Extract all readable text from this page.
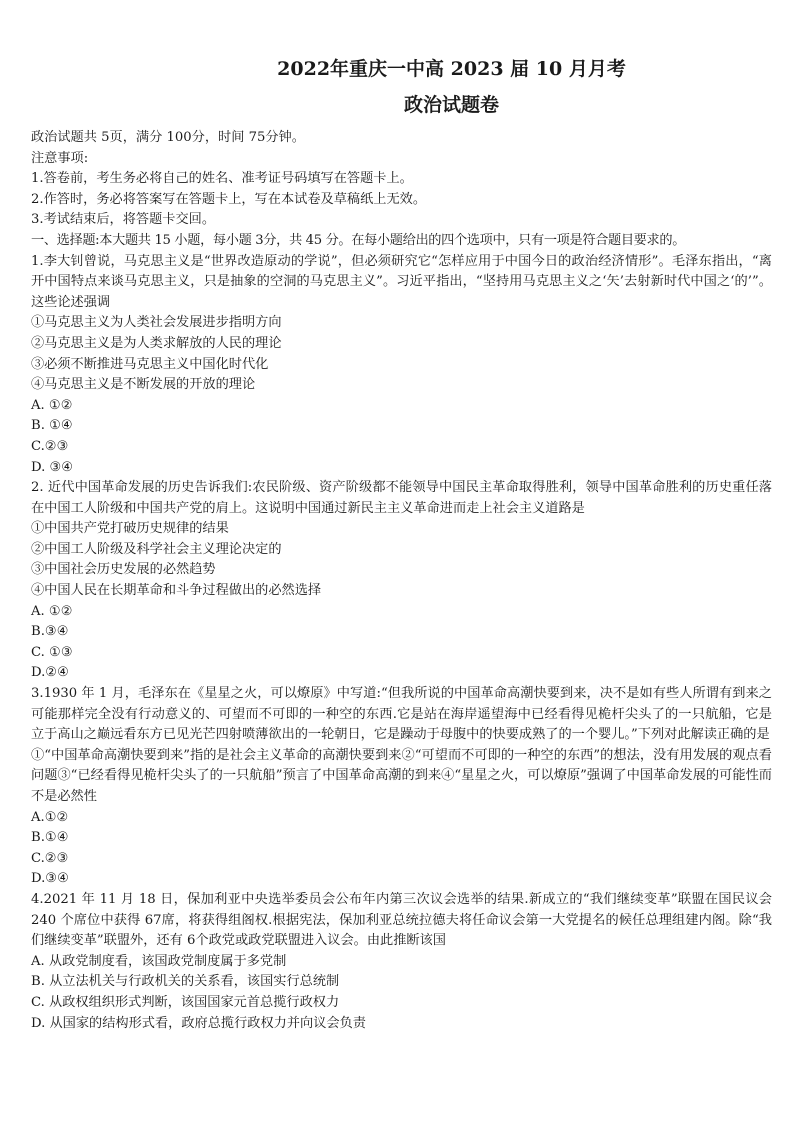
2022年重庆一中高 2023 届 10 月月考
政治试题卷

政治试题共 5页，满分 100分，时间 75分钟。

注意事项:

1.答卷前，考生务必将自己的姓名、准考证号码填写在答题卡上。

2.作答时，务必将答案写在答题卡上，写在本试卷及草稿纸上无效。

3.考试结束后，将答题卡交回。

一、选择题:本大题共 15 小题，每小题 3分，共 45 分。在每小题给出的四个选项中，只有一项是符合题目要求的。

1.李大钊曾说，马克思主义是“世界改造原动的学说”，但必须研究它“怎样应用于中国今日的政治经济情形”。毛泽东指出，“离开中国特点来谈马克思主义，只是抽象的空洞的马克思主义”。习近平指出，“坚持用马克思主义之‘矢’去射新时代中国之‘的’”。这些论述强调

①马克思主义为人类社会发展进步指明方向

②马克思主义是为人类求解放的人民的理论

③必须不断推进马克思主义中国化时代化

④马克思主义是不断发展的开放的理论

A. ①②

B. ①④

C.②③

D. ③④

2. 近代中国革命发展的历史告诉我们:农民阶级、资产阶级都不能领导中国民主革命取得胜利，领导中国革命胜利的历史重任落在中国工人阶级和中国共产党的肩上。这说明中国通过新民主主义革命进而走上社会主义道路是

①中国共产党打破历史规律的结果

②中国工人阶级及科学社会主义理论决定的

③中国社会历史发展的必然趋势

④中国人民在长期革命和斗争过程做出的必然选择

A. ①②

B.③④

C. ①③

D.②④

3.1930 年 1 月，毛泽东在《星星之火，可以燎原》中写道:“但我所说的中国革命高潮快要到来，决不是如有些人所谓有到来之可能那样完全没有行动意义的、可望而不可即的一种空的东西.它是站在海岸遥望海中已经看得见桅杆尖头了的一只航船，它是立于高山之巅远看东方已见光芒四射喷薄欲出的一轮朝日，它是躁动于母腹中的快要成熟了的一个婴儿。”下列对此解读正确的是

①“中国革命高潮快要到来”指的是社会主义革命的高潮快要到来②“可望而不可即的一种空的东西”的想法，没有用发展的观点看问题③“已经看得见桅杆尖头了的一只航船”预言了中国革命高潮的到来④“星星之火，可以燎原”强调了中国革命发展的可能性而不是必然性

A.①②

B.①④

C.②③

D.③④

4.2021 年 11 月 18 日，保加利亚中央选举委员会公布年内第三次议会选举的结果.新成立的“我们继续变革”联盟在国民议会 240 个席位中获得 67席，将获得组阁权.根据宪法，保加利亚总统拉德夫将任命议会第一大党提名的候任总理组建内阁。除“我们继续变革”联盟外，还有 6个政党或政党联盟进入议会。由此推断该国

A. 从政党制度看，该国政党制度属于多党制

B. 从立法机关与行政机关的关系看，该国实行总统制

C. 从政权组织形式判断，该国国家元首总揽行政权力

D. 从国家的结构形式看，政府总揽行政权力并向议会负责
